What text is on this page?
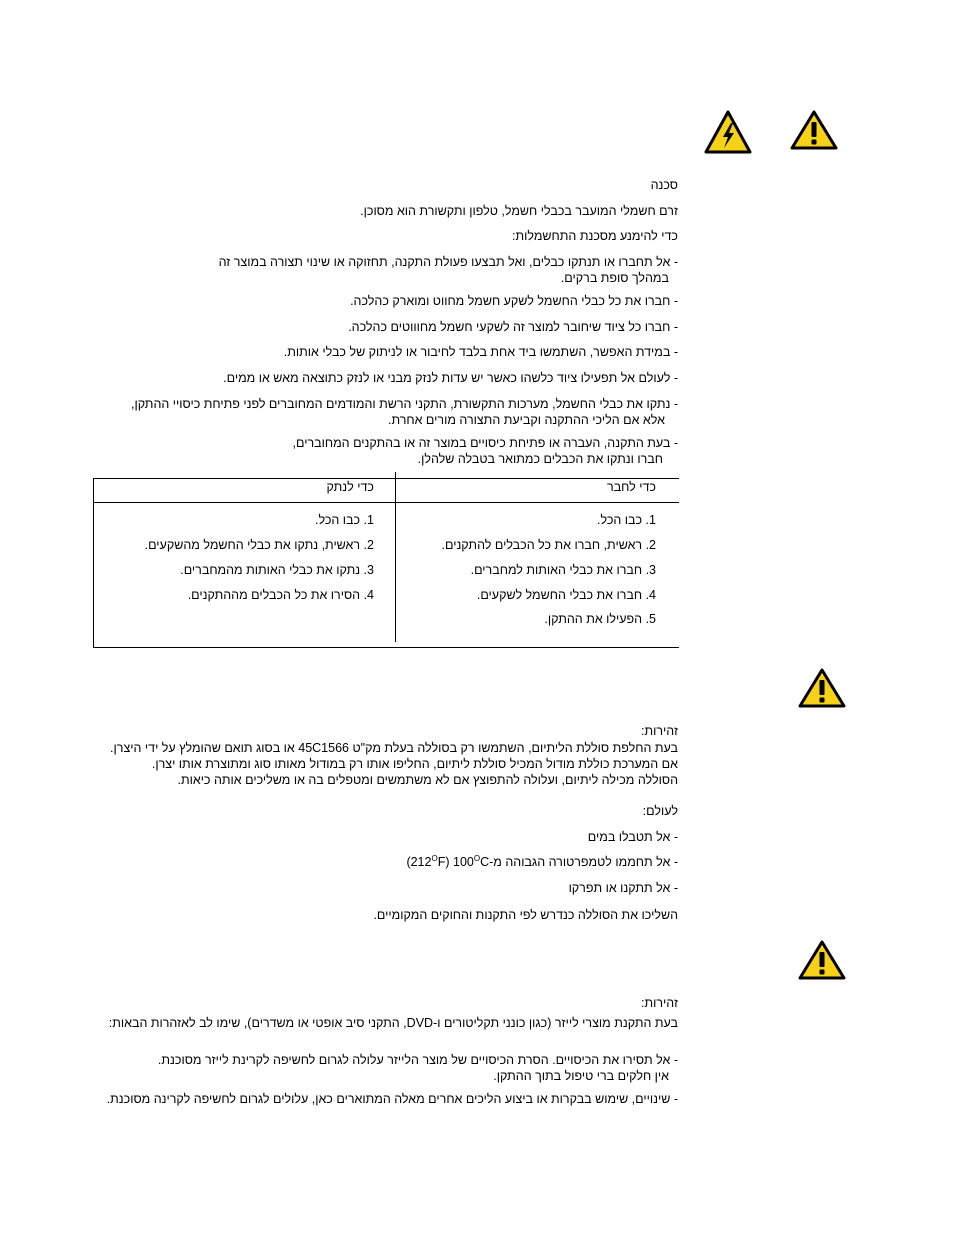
סכנה
זרם חשמלי המועבר בכבלי חשמל, טלפון ותקשורת הוא מסוכן.
כדי להימנע מסכנת התחשמלות:
- אל תחברו או תנתקו כבלים, ואל תבצעו פעולת התקנה, תחזוקה או שינוי תצורה במוצר זה
במהלך סופת ברקים.
- חברו את כל כבלי החשמל לשקע חשמל מחווט ומוארק כהלכה.
- חברו כל ציוד שיחובר למוצר זה לשקעי חשמל מחוווטים כהלכה.
- במידת האפשר, השתמשו ביד אחת בלבד לחיבור או לניתוק של כבלי אותות.
- לעולם אל תפעילו ציוד כלשהו כאשר יש עדות לנזק מבני או לנזק כתוצאה מאש או ממים.
- נתקו את כבלי החשמל, מערכות התקשורת, התקני הרשת והמודמים המחוברים לפני פתיחת כיסויי ההתקן,
אלא אם הליכי ההתקנה וקביעת התצורה מורים אחרת.
- בעת התקנה, העברה או פתיחת כיסויים במוצר זה או בהתקנים המחוברים,
חברו ונתקו את הכבלים כמתואר בטבלה שלהלן.
כדי לנתק	כדי לחבר
1. כבו הכל.
2. ראשית, נתקו את כבלי החשמל מהשקעים.
3. נתקו את כבלי האותות מהמחברים.
4. הסירו את כל הכבלים מההתקנים.
1. כבו הכל.
2. ראשית, חברו את כל הכבלים להתקנים.
3. חברו את כבלי האותות למחברים.
4. חברו את כבלי החשמל לשקעים.
5. הפעילו את ההתקן.
זהירות:
בעת החלפת סוללת הליתיום, השתמשו רק בסוללה בעלת מק"ט 45C1566 או בסוג תואם שהומלץ על ידי היצרן.
אם המערכת כוללת מודול המכיל סוללת ליתיום, החליפו אותו רק במודול מאותו סוג ומתוצרת אותו יצרן.
הסוללה מכילה ליתיום, ועלולה להתפוצץ אם לא משתמשים ומטפלים בה או משליכים אותה כיאות.
לעולם:
- אל תטבלו במים
- אל תחממו לטמפרטורה הגבוהה $מ-(212^OF)$ $100^OC$
- אל תתקנו או תפרקו
השליכו את הסוללה כנדרש לפי התקנות והחוקים המקומיים.
זהירות:
בעת התקנת מוצרי לייזר (כגון כונני תקליטורים ו-DVD, התקני סיב אופטי או משדרים), שימו לב לאזהרות הבאות:
- אל תסירו את הכיסויים. הסרת הכיסויים של מוצר הלייזר עלולה לגרום לחשיפה לקרינת לייזר מסוכנת.
אין חלקים ברי טיפול בתוך ההתקן.
- שינויים, שימוש בבקרות או ביצוע הליכים אחרים מאלה המתוארים כאן, עלולים לגרום לחשיפה לקרינה מסוכנת.
